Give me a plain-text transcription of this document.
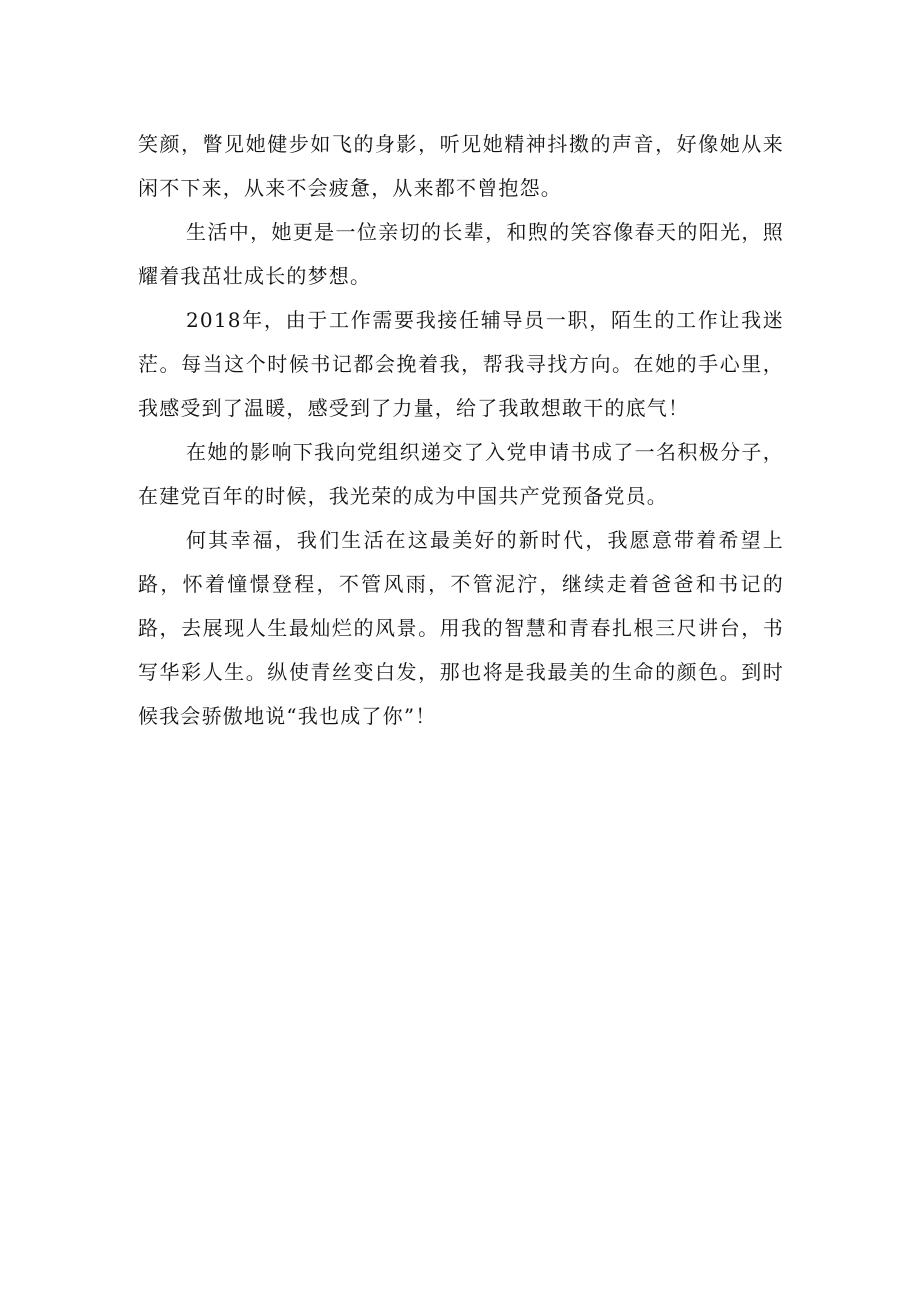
笑颜，瞥见她健步如飞的身影，听见她精神抖擞的声音，好像她从来闲不下来，从来不会疲惫，从来都不曾抱怨。

生活中，她更是一位亲切的长辈，和煦的笑容像春天的阳光，照耀着我茁壮成长的梦想。

2018年，由于工作需要我接任辅导员一职，陌生的工作让我迷茫。每当这个时候书记都会挽着我，帮我寻找方向。在她的手心里，我感受到了温暖，感受到了力量，给了我敢想敢干的底气！

在她的影响下我向党组织递交了入党申请书成了一名积极分子，在建党百年的时候，我光荣的成为中国共产党预备党员。

何其幸福，我们生活在这最美好的新时代，我愿意带着希望上路，怀着憧憬登程，不管风雨，不管泥泞，继续走着爸爸和书记的路，去展现人生最灿烂的风景。用我的智慧和青春扎根三尺讲台，书写华彩人生。纵使青丝变白发，那也将是我最美的生命的颜色。到时候我会骄傲地说“我也成了你”！
